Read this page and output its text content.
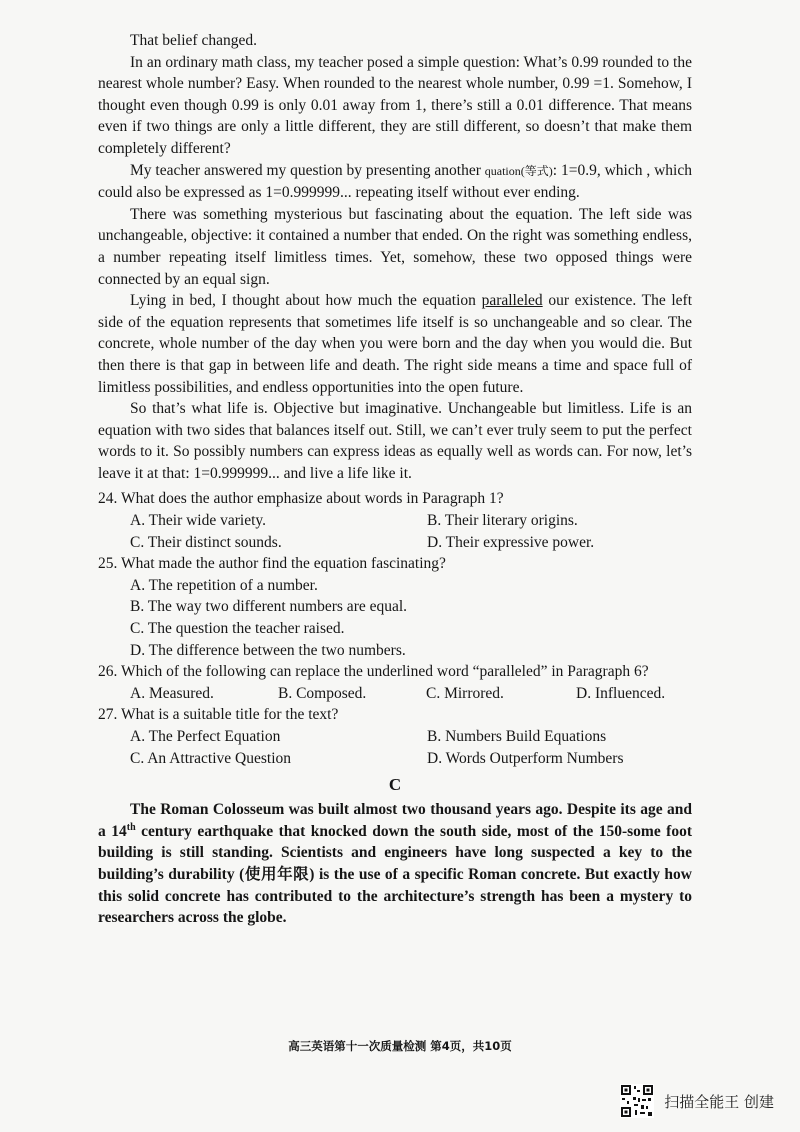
That belief changed.

In an ordinary math class, my teacher posed a simple question: What’s 0.99 rounded to the nearest whole number? Easy. When rounded to the nearest whole number, 0.99 =1. Somehow, I thought even though 0.99 is only 0.01 away from 1, there’s still a 0.01 difference. That means even if two things are only a little different, they are still different, so doesn’t that make them completely different?

My teacher answered my question by presenting another quation(等式): 1=0.9, which , which could also be expressed as 1=0.999999... repeating itself without ever ending.

There was something mysterious but fascinating about the equation. The left side was unchangeable, objective: it contained a number that ended. On the right was something endless, a number repeating itself limitless times. Yet, somehow, these two opposed things were connected by an equal sign.

Lying in bed, I thought about how much the equation paralleled our existence. The left side of the equation represents that sometimes life itself is so unchangeable and so clear. The concrete, whole number of the day when you were born and the day when you would die. But then there is that gap in between life and death. The right side means a time and space full of limitless possibilities, and endless opportunities into the open future.

So that’s what life is. Objective but imaginative. Unchangeable but limitless. Life is an equation with two sides that balances itself out. Still, we can’t ever truly seem to put the perfect words to it. So possibly numbers can express ideas as equally well as words can. For now, let’s leave it at that: 1=0.999999... and live a life like it.

24. What does the author emphasize about words in Paragraph 1?

A. Their wide variety.	B. Their literary origins.
C. Their distinct sounds.	D. Their expressive power.

25. What made the author find the equation fascinating?

A. The repetition of a number.
B. The way two different numbers are equal.
C. The question the teacher raised.
D. The difference between the two numbers.

26. Which of the following can replace the underlined word “paralleled” in Paragraph 6?

A. Measured.	B. Composed.	C. Mirrored.	D. Influenced.

27. What is a suitable title for the text?

A. The Perfect Equation	B. Numbers Build Equations
C. An Attractive Question	D. Words Outperform Numbers
C

The Roman Colosseum was built almost two thousand years ago. Despite its age and a 14th century earthquake that knocked down the south side, most of the 150-some foot building is still standing. Scientists and engineers have long suspected a key to the building’s durability (使用年限) is the use of a specific Roman concrete. But exactly how this solid concrete has contributed to the architecture’s strength has been a mystery to researchers across the globe.

高三英语第十一次质量检测 第4页，共10页
扫描全能王 创建
